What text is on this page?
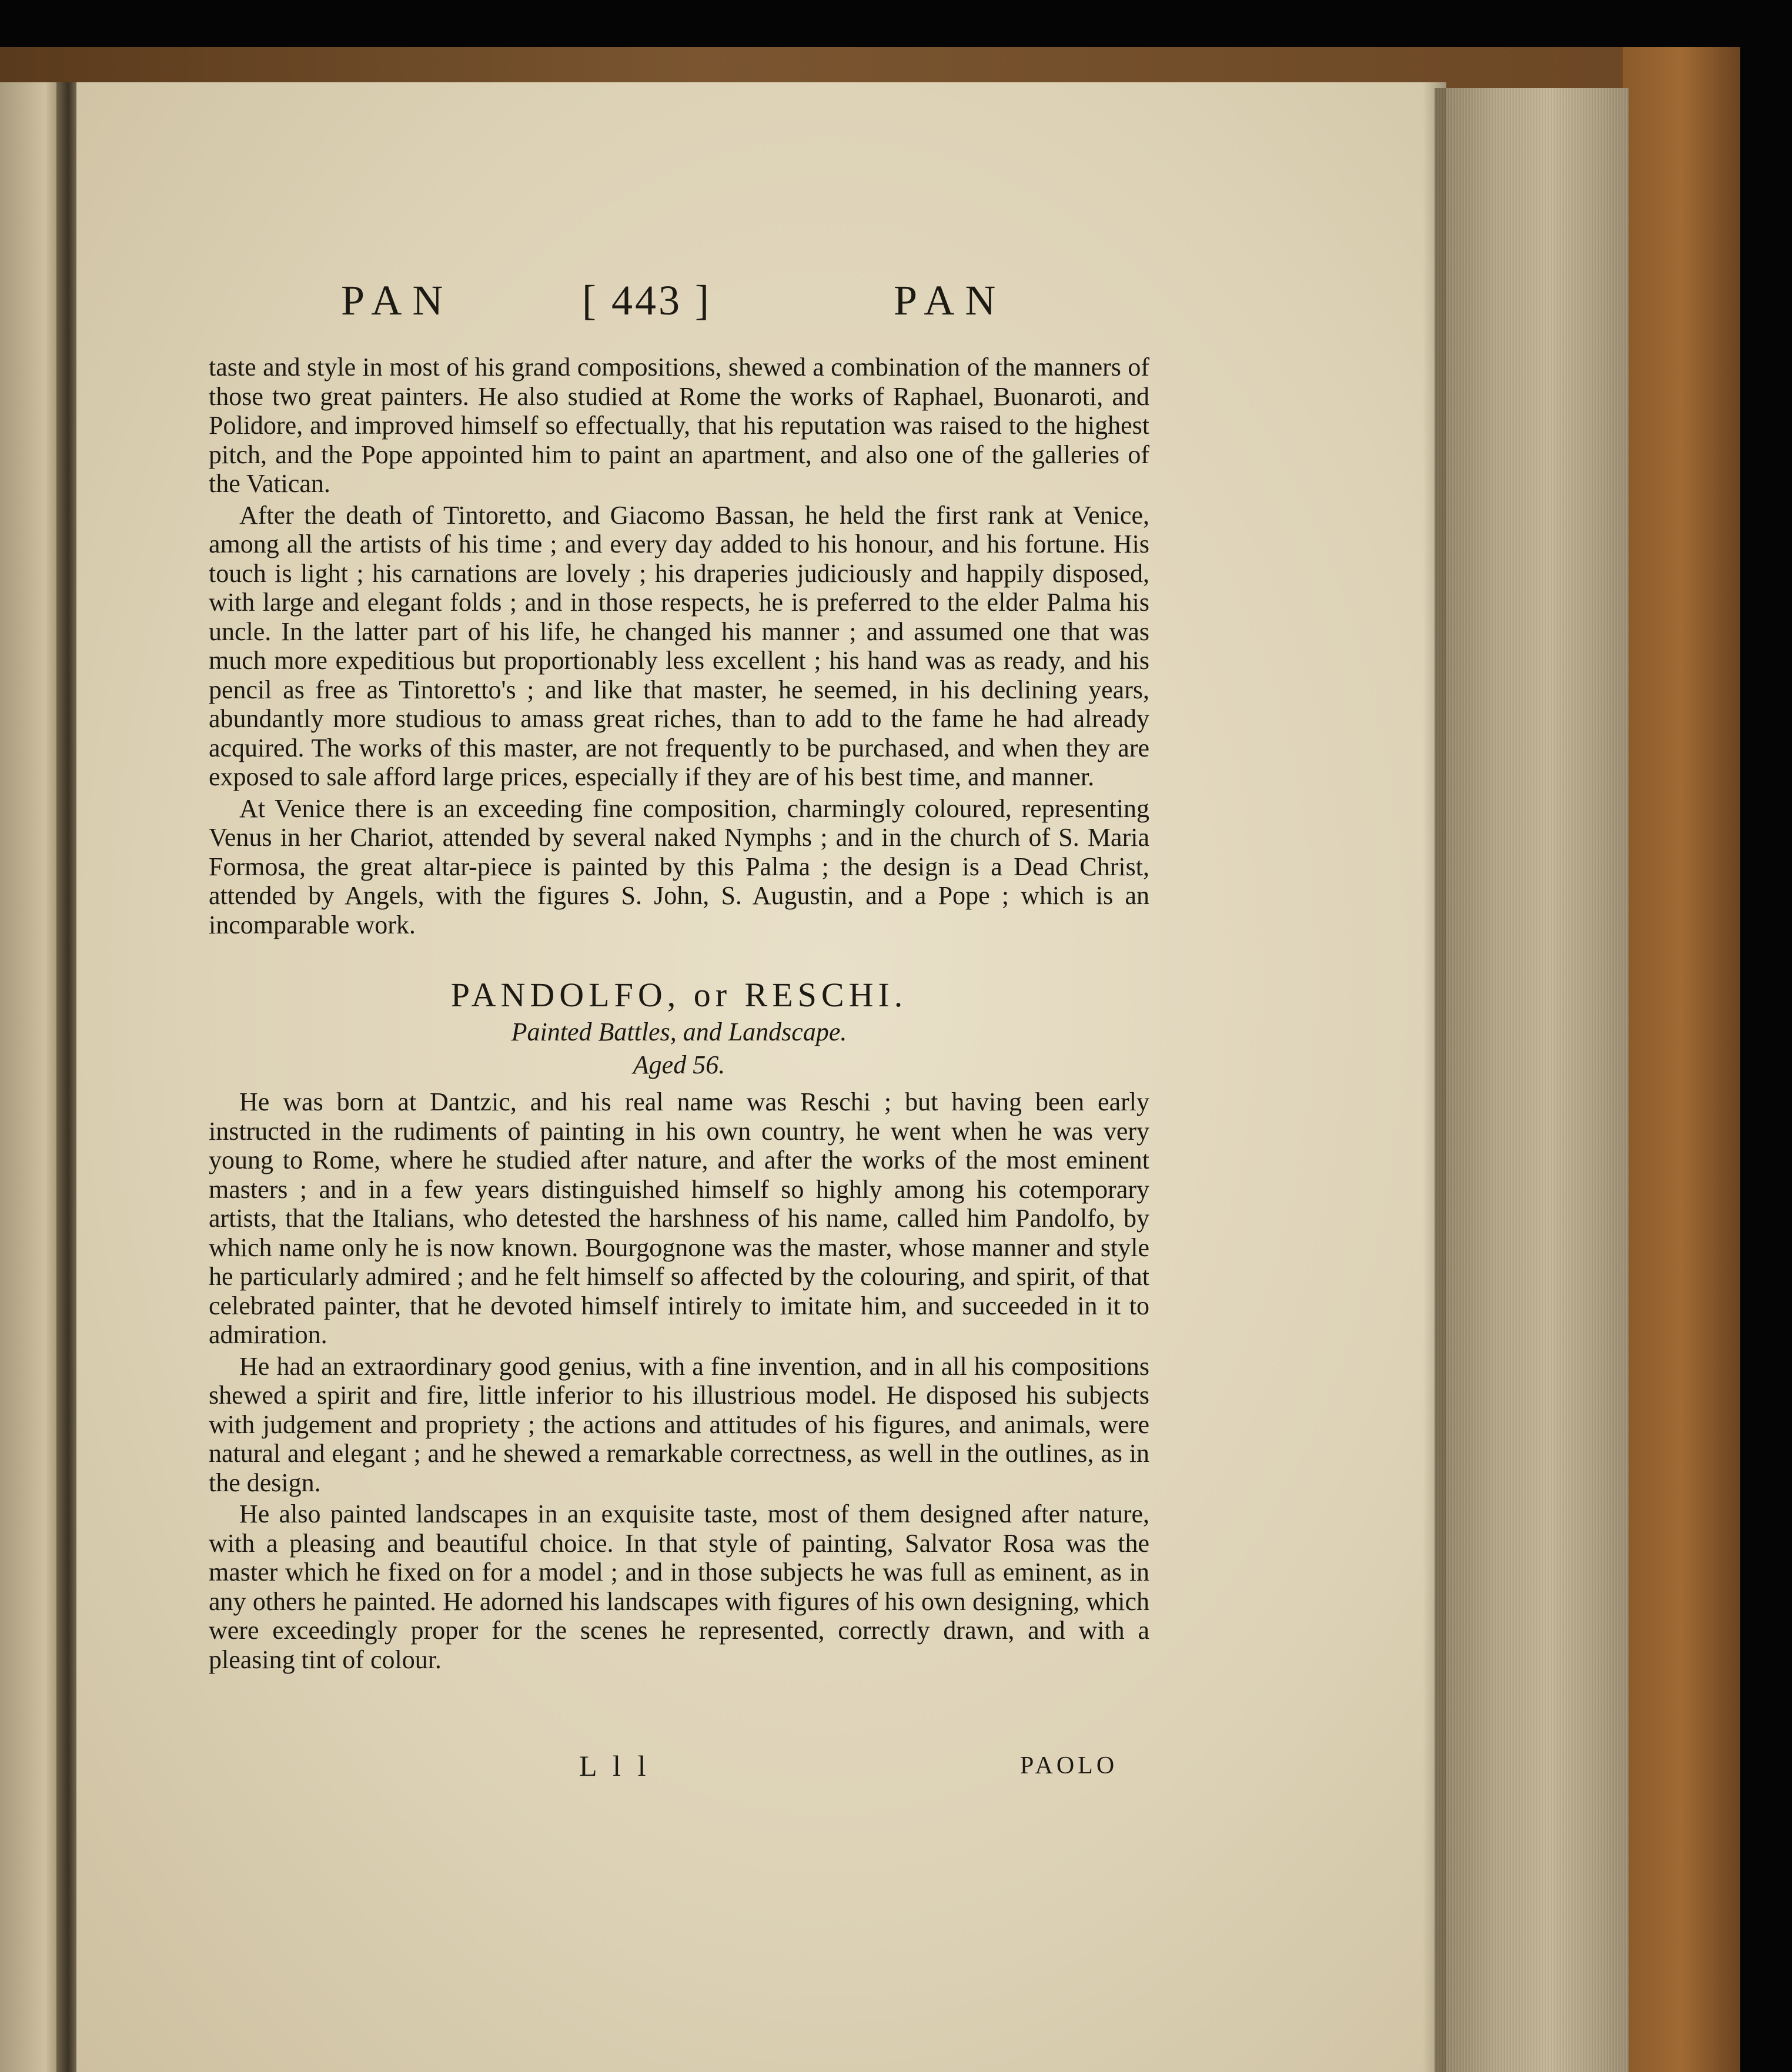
PAN	[ 443 ]	PAN

taste and style in most of his grand compositions, shewed a combination of the manners of those two great painters. He also studied at Rome the works of Raphael, Buonaroti, and Polidore, and improved himself so effectually, that his reputation was raised to the highest pitch, and the Pope appointed him to paint an apartment, and also one of the galleries of the Vatican.

After the death of Tintoretto, and Giacomo Bassan, he held the first rank at Venice, among all the artists of his time ; and every day added to his honour, and his fortune. His touch is light ; his carnations are lovely ; his draperies judiciously and happily disposed, with large and elegant folds ; and in those respects, he is preferred to the elder Palma his uncle. In the latter part of his life, he changed his manner ; and assumed one that was much more expeditious but proportionably less excellent ; his hand was as ready, and his pencil as free as Tintoretto's ; and like that master, he seemed, in his declining years, abundantly more studious to amass great riches, than to add to the fame he had already acquired. The works of this master, are not frequently to be purchased, and when they are exposed to sale afford large prices, especially if they are of his best time, and manner.

At Venice there is an exceeding fine composition, charmingly coloured, representing Venus in her Chariot, attended by several naked Nymphs ; and in the church of S. Maria Formosa, the great altar-piece is painted by this Palma ; the design is a Dead Christ, attended by Angels, with the figures S. John, S. Augustin, and a Pope ; which is an incomparable work.

PANDOLFO, or RESCHI.
Painted Battles, and Landscape.
Aged 56.

He was born at Dantzic, and his real name was Reschi ; but having been early instructed in the rudiments of painting in his own country, he went when he was very young to Rome, where he studied after nature, and after the works of the most eminent masters ; and in a few years distinguished himself so highly among his cotemporary artists, that the Italians, who detested the harshness of his name, called him Pandolfo, by which name only he is now known. Bourgognone was the master, whose manner and style he particularly admired ; and he felt himself so affected by the colouring, and spirit, of that celebrated painter, that he devoted himself intirely to imitate him, and succeeded in it to admiration.

He had an extraordinary good genius, with a fine invention, and in all his compositions shewed a spirit and fire, little inferior to his illustrious model. He disposed his subjects with judgement and propriety ; the actions and attitudes of his figures, and animals, were natural and elegant ; and he shewed a remarkable correctness, as well in the outlines, as in the design.

He also painted landscapes in an exquisite taste, most of them designed after nature, with a pleasing and beautiful choice. In that style of painting, Salvator Rosa was the master which he fixed on for a model ; and in those subjects he was full as eminent, as in any others he painted. He adorned his landscapes with figures of his own designing, which were exceedingly proper for the scenes he represented, correctly drawn, and with a pleasing tint of colour.

L l l	PAOLO
